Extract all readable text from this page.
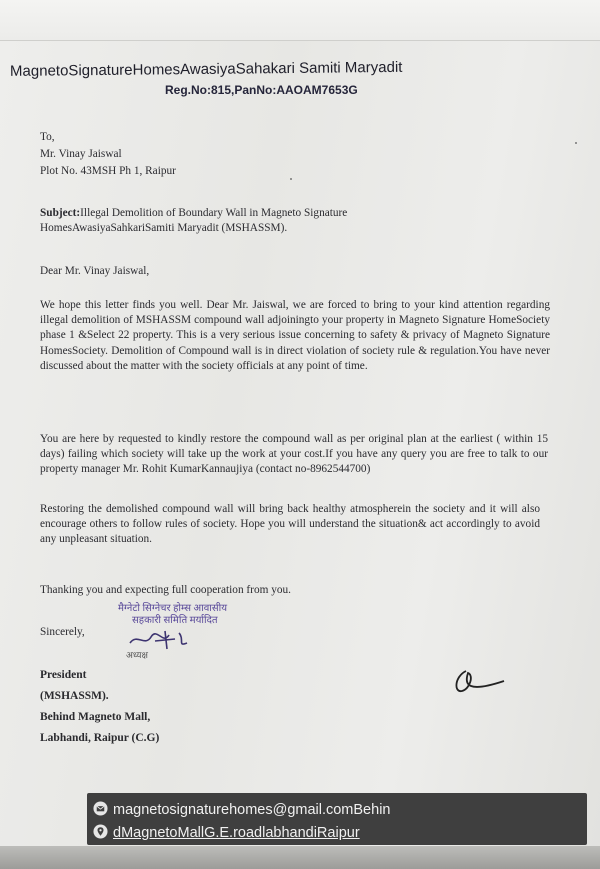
MagnetoSignatureHomesAwasiyaSahakari Samiti Maryadit
Reg.No:815,PanNo:AAOAM7653G
To,
Mr. Vinay Jaiswal
Plot No. 43MSH Ph 1, Raipur
Subject:Illegal Demolition of Boundary Wall in Magneto Signature HomesAwasiyaSahkariSamiti Maryadit (MSHASSM).
Dear Mr. Vinay Jaiswal,
We hope this letter finds you well. Dear Mr. Jaiswal, we are forced to bring to your kind attention regarding illegal demolition of MSHASSM compound wall adjoiningto your property in Magneto Signature HomeSociety phase 1 &Select 22 property. This is a very serious issue concerning to safety & privacy of Magneto Signature HomesSociety. Demolition of Compound wall is in direct violation of society rule & regulation.You have never discussed about the matter with the society officials at any point of time.
You are here by requested to kindly restore the compound wall as per original plan at the earliest ( within 15 days) failing which society will take up the work at your cost.If you have any query you are free to talk to our property manager Mr. Rohit KumarKannaujiya (contact no-8962544700)
Restoring the demolished compound wall will bring back healthy atmospherein the society and it will also encourage others to follow rules of society. Hope you will understand the situation& act accordingly to avoid any unpleasant situation.
Thanking you and expecting full cooperation from you.
Sincerely,
मैग्नेटो सिग्नेचर होम्स आवासीय
सहकारी समिति मर्यादित
अध्यक्ष
President
(MSHASSM).
Behind Magneto Mall,
Labhandi, Raipur (C.G)
magnetosignaturehomes@gmail.comBehin
dMagnetoMallG.E.roadlabhandiRaipur
